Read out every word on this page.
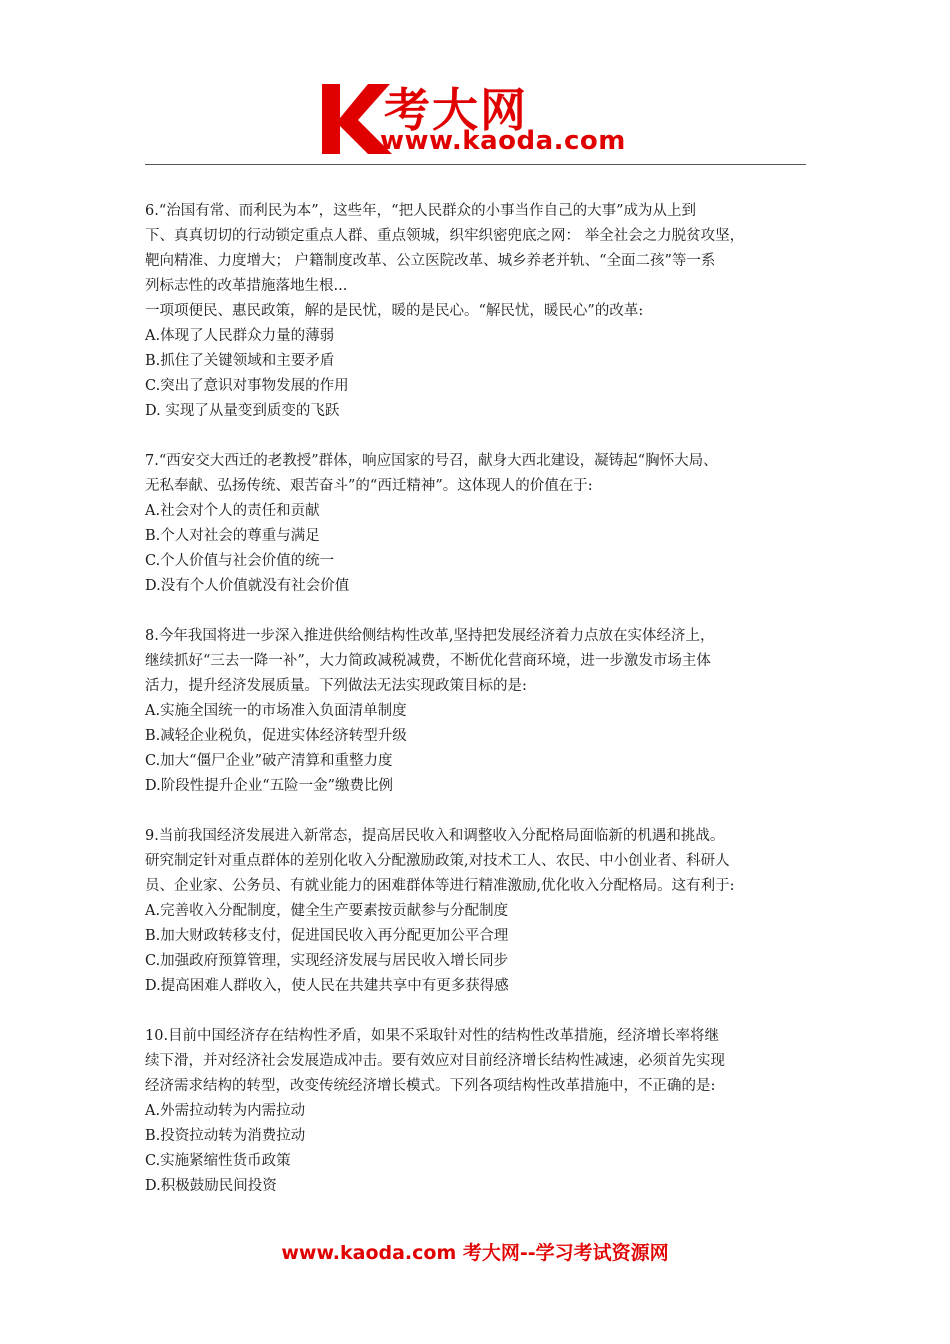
考大网
www.kaoda.com
6.“治国有常、而利民为本”，这些年，“把人民群众的小事当作自己的大事”成为从上到
下、真真切切的行动锁定重点人群、重点领城，织牢织密兜底之网： 举全社会之力脱贫攻坚，
靶向精准、力度增大； 户籍制度改革、公立医院改革、城乡养老并轨、“全面二孩”等一系
列标志性的改革措施落地生根...
一项项便民、惠民政策，解的是民忧，暖的是民心。“解民忧，暖民心”的改革:
A.体现了人民群众力量的薄弱
B.抓住了关键领域和主要矛盾
C.突出了意识对事物发展的作用
D. 实现了从量变到质变的飞跃
7.“西安交大西迁的老教授”群体，响应国家的号召，献身大西北建设，凝铸起“胸怀大局、
无私奉献、弘扬传统、艰苦奋斗”的“西迁精神”。这体现人的价值在于:
A.社会对个人的责任和贡献
B.个人对社会的尊重与满足
C.个人价值与社会价值的统一
D.没有个人价值就没有社会价值
8.今年我国将进一步深入推进供给侧结构性改革,坚持把发展经济着力点放在实体经济上，
继续抓好“三去一降一补”，大力简政减税减费，不断优化营商环境，进一步激发市场主体
活力，提升经济发展质量。下列做法无法实现政策目标的是:
A.实施全国统一的市场准入负面清单制度
B.减轻企业税负，促进实体经济转型升级
C.加大“僵尸企业”破产清算和重整力度
D.阶段性提升企业“五险一金”缴费比例
9.当前我国经济发展进入新常态，提高居民收入和调整收入分配格局面临新的机遇和挑战。
研究制定针对重点群体的差别化收入分配激励政策,对技术工人、农民、中小创业者、科研人
员、企业家、公务员、有就业能力的困难群体等进行精准激励,优化收入分配格局。这有利于:
A.完善收入分配制度，健全生产要素按贡献参与分配制度
B.加大财政转移支付，促进国民收入再分配更加公平合理
C.加强政府预算管理，实现经济发展与居民收入增长同步
D.提高困难人群收入，使人民在共建共享中有更多获得感
10.目前中国经济存在结构性矛盾，如果不采取针对性的结构性改革措施，经济增长率将继
续下滑，并对经济社会发展造成冲击。要有效应对目前经济增长结构性减速，必须首先实现
经济需求结构的转型，改变传统经济增长模式。下列各项结构性改革措施中，不正确的是:
A.外需拉动转为内需拉动
B.投资拉动转为消费拉动
C.实施紧缩性货币政策
D.积极鼓励民间投资
www.kaoda.com 考大网--学习考试资源网
